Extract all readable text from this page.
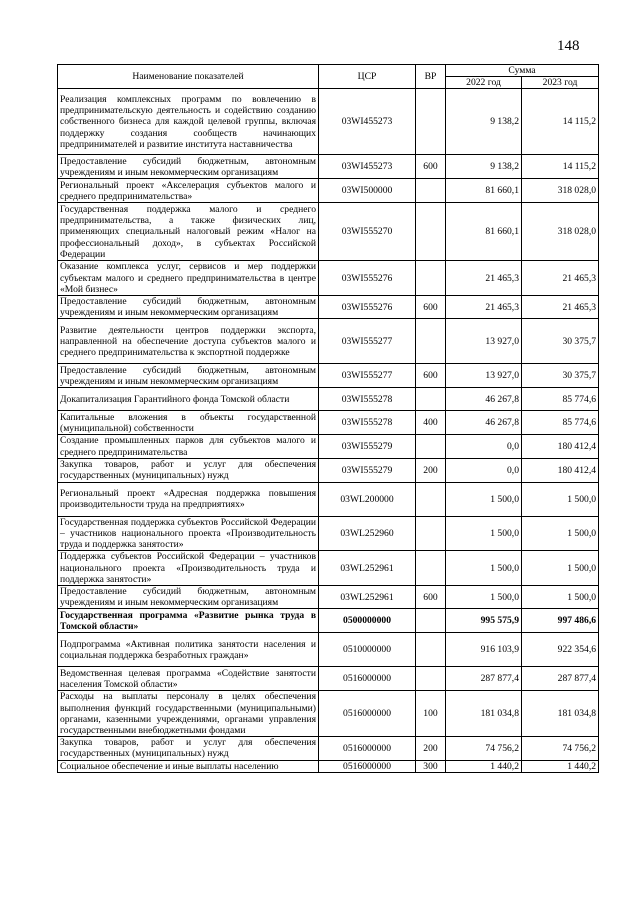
148
Наименование показателей	ЦСР	ВР	Сумма	
			2022 год	2023 год
Реализация комплексных программ по вовлечению в предпринимательскую деятельность и содействию созданию собственного бизнеса для каждой целевой группы, включая поддержку создания сообществ начинающих предпринимателей и развитие института наставничества	03WI455273		9 138,2	14 115,2
Предоставление субсидий бюджетным, автономным учреждениям и иным некоммерческим организациям	03WI455273	600	9 138,2	14 115,2
Региональный проект «Акселерация субъектов малого и среднего предпринимательства»	03WI500000		81 660,1	318 028,0
Государственная поддержка малого и среднего предпринимательства, а также физических лиц, применяющих специальный налоговый режим «Налог на профессиональный доход», в субъектах Российской Федерации	03WI555270		81 660,1	318 028,0
Оказание комплекса услуг, сервисов и мер поддержки субъектам малого и среднего предпринимательства в центре «Мой бизнес»	03WI555276		21 465,3	21 465,3
Предоставление субсидий бюджетным, автономным учреждениям и иным некоммерческим организациям	03WI555276	600	21 465,3	21 465,3
Развитие деятельности центров поддержки экспорта, направленной на обеспечение доступа субъектов малого и среднего предпринимательства к экспортной поддержке	03WI555277		13 927,0	30 375,7
Предоставление субсидий бюджетным, автономным учреждениям и иным некоммерческим организациям	03WI555277	600	13 927,0	30 375,7
Докапитализация Гарантийного фонда Томской области	03WI555278		46 267,8	85 774,6
Капитальные вложения в объекты государственной (муниципальной) собственности	03WI555278	400	46 267,8	85 774,6
Создание промышленных парков для субъектов малого и среднего предпринимательства	03WI555279		0,0	180 412,4
Закупка товаров, работ и услуг для обеспечения государственных (муниципальных) нужд	03WI555279	200	0,0	180 412,4
Региональный проект «Адресная поддержка повышения производительности труда на предприятиях»	03WL200000		1 500,0	1 500,0
Государственная поддержка субъектов Российской Федерации – участников национального проекта «Производительность труда и поддержка занятости»	03WL252960		1 500,0	1 500,0
Поддержка субъектов Российской Федерации – участников национального проекта «Производительность труда и поддержка занятости»	03WL252961		1 500,0	1 500,0
Предоставление субсидий бюджетным, автономным учреждениям и иным некоммерческим организациям	03WL252961	600	1 500,0	1 500,0
Государственная программа «Развитие рынка труда в Томской области»	0500000000		995 575,9	997 486,6
Подпрограмма «Активная политика занятости населения и социальная поддержка безработных граждан»	0510000000		916 103,9	922 354,6
Ведомственная целевая программа «Содействие занятости населения Томской области»	0516000000		287 877,4	287 877,4
Расходы на выплаты персоналу в целях обеспечения выполнения функций государственными (муниципальными) органами, казенными учреждениями, органами управления государственными внебюджетными фондами	0516000000	100	181 034,8	181 034,8
Закупка товаров, работ и услуг для обеспечения государственных (муниципальных) нужд	0516000000	200	74 756,2	74 756,2
Социальное обеспечение и иные выплаты населению	0516000000	300	1 440,2	1 440,2
